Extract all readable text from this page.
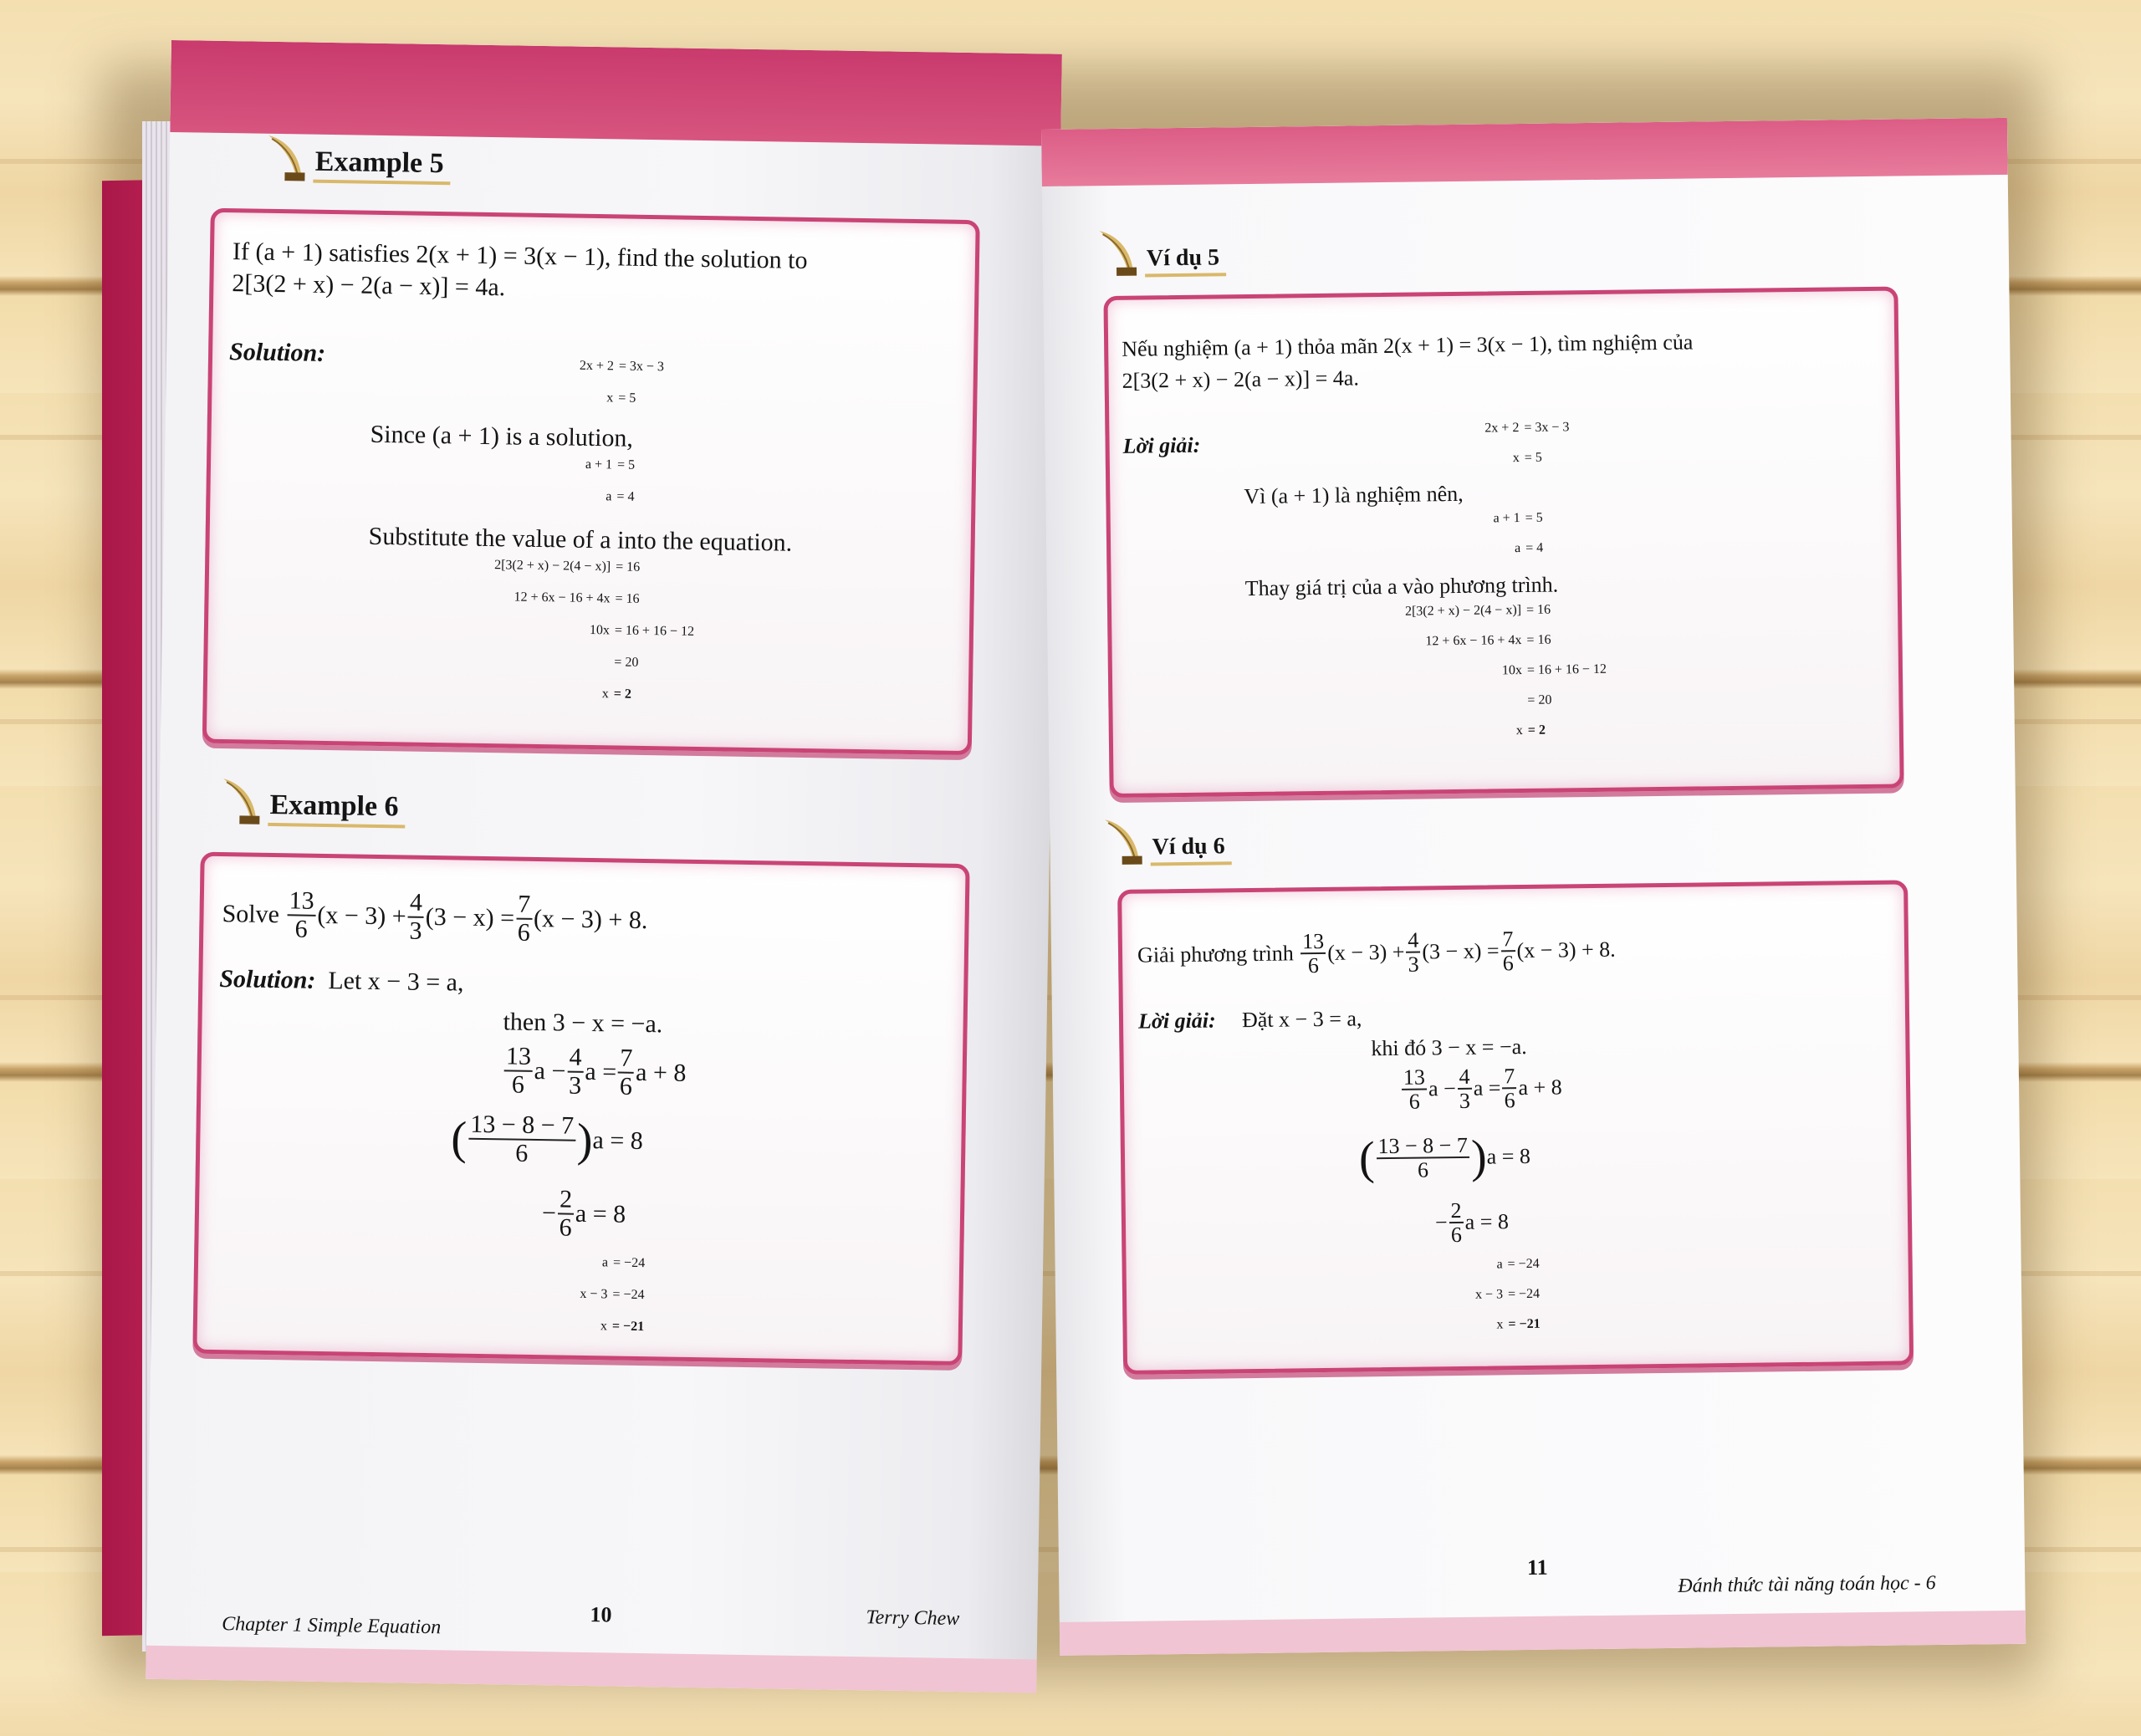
Example 5
If (a + 1) satisfies 2(x + 1) = 3(x − 1), find the solution to
2[3(2 + x) − 2(a − x)] = 4a.
Solution:	2x + 2 = 3x − 3
x = 5
Since (a + 1) is a solution,
a + 1 = 5
a = 4
Substitute the value of a into the equation.
2[3(2 + x) − 2(4 − x)] = 16
12 + 6x − 16 + 4x = 16
10x = 16 + 16 − 12
= 20
x = 2
Example 6
Solve
$\frac{13}{6} (x - 3) + \frac{4}{3} (3 - x) = \frac{7}{6} (x - 3) + 8$.
Solution: Let x − 3 = a,
then 3 − x = −a.
$\frac{13}{6}$ $a - \frac{4}{3}$ a
= $\frac{7}{6}$ a + 8
( $\frac{13 - 8 - 7}{6}$ ) a
= 8
− $\frac{2}{6}$ a
= 8
a = −24
x − 3 = −24
x = −21
Chapter 1 Simple Equation	10	Terry Chew
Ví dụ 5
Nếu nghiệm (a + 1) thỏa mãn 2(x + 1) = 3(x − 1), tìm nghiệm của
2[3(2 + x) − 2(a − x)] = 4a.
Lời giải:
2x + 2 = 3x − 3
x = 5
Vì (a + 1) là nghiệm nên,
a + 1 = 5
a = 4
Thay giá trị của a vào phương trình.
2[3(2 + x) − 2(4 − x)] = 16
12 + 6x − 16 + 4x = 16
10x = 16 + 16 − 12
= 20
x = 2
Ví dụ 6
Giải phương trình
$\frac{13}{6} (x - 3) + \frac{4}{3} (3 - x) = \frac{7}{6} (x - 3) + 8$.
Lời giải: Đặt x − 3 = a,
khi đó 3 − x = −a.
$\frac{13}{6}$ $a - \frac{4}{3}$ a
= $\frac{7}{6}$ a + 8
( $\frac{13 - 8 - 7}{6}$ ) a
= 8
− $\frac{2}{6}$ a
= 8
a = −24
x − 3 = −24
x = −21
11
Đánh thức tài năng toán học - 6
